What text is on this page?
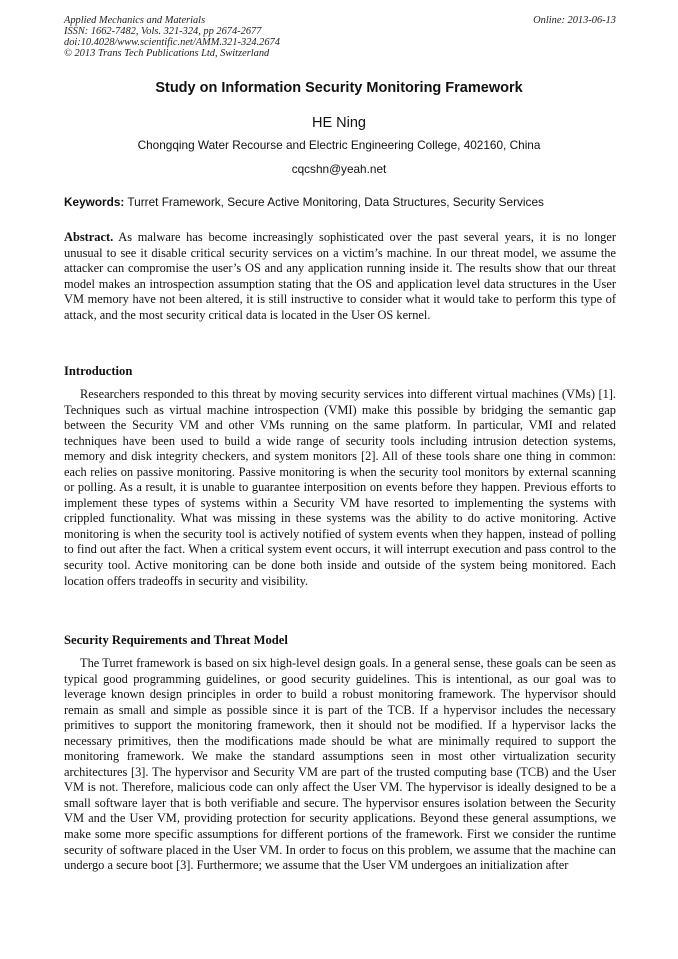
Applied Mechanics and Materials
ISSN: 1662-7482, Vols. 321-324, pp 2674-2677
doi:10.4028/www.scientific.net/AMM.321-324.2674
© 2013 Trans Tech Publications Ltd, Switzerland
Online: 2013-06-13
Study on Information Security Monitoring Framework
HE Ning
Chongqing Water Recourse and Electric Engineering College, 402160, China
cqcshn@yeah.net
Keywords: Turret Framework, Secure Active Monitoring, Data Structures, Security Services
Abstract. As malware has become increasingly sophisticated over the past several years, it is no longer unusual to see it disable critical security services on a victim’s machine. In our threat model, we assume the attacker can compromise the user’s OS and any application running inside it. The results show that our threat model makes an introspection assumption stating that the OS and application level data structures in the User VM memory have not been altered, it is still instructive to consider what it would take to perform this type of attack, and the most security critical data is located in the User OS kernel.
Introduction
Researchers responded to this threat by moving security services into different virtual machines (VMs) [1]. Techniques such as virtual machine introspection (VMI) make this possible by bridging the semantic gap between the Security VM and other VMs running on the same platform. In particular, VMI and related techniques have been used to build a wide range of security tools including intrusion detection systems, memory and disk integrity checkers, and system monitors [2]. All of these tools share one thing in common: each relies on passive monitoring. Passive monitoring is when the security tool monitors by external scanning or polling. As a result, it is unable to guarantee interposition on events before they happen. Previous efforts to implement these types of systems within a Security VM have resorted to implementing the systems with crippled functionality. What was missing in these systems was the ability to do active monitoring. Active monitoring is when the security tool is actively notified of system events when they happen, instead of polling to find out after the fact. When a critical system event occurs, it will interrupt execution and pass control to the security tool. Active monitoring can be done both inside and outside of the system being monitored. Each location offers tradeoffs in security and visibility.
Security Requirements and Threat Model
The Turret framework is based on six high-level design goals. In a general sense, these goals can be seen as typical good programming guidelines, or good security guidelines. This is intentional, as our goal was to leverage known design principles in order to build a robust monitoring framework. The hypervisor should remain as small and simple as possible since it is part of the TCB. If a hypervisor includes the necessary primitives to support the monitoring framework, then it should not be modified. If a hypervisor lacks the necessary primitives, then the modifications made should be what are minimally required to support the monitoring framework. We make the standard assumptions seen in most other virtualization security architectures [3]. The hypervisor and Security VM are part of the trusted computing base (TCB) and the User VM is not. Therefore, malicious code can only affect the User VM. The hypervisor is ideally designed to be a small software layer that is both verifiable and secure. The hypervisor ensures isolation between the Security VM and the User VM, providing protection for security applications. Beyond these general assumptions, we make some more specific assumptions for different portions of the framework. First we consider the runtime security of software placed in the User VM. In order to focus on this problem, we assume that the machine can undergo a secure boot [3]. Furthermore; we assume that the User VM undergoes an initialization after
